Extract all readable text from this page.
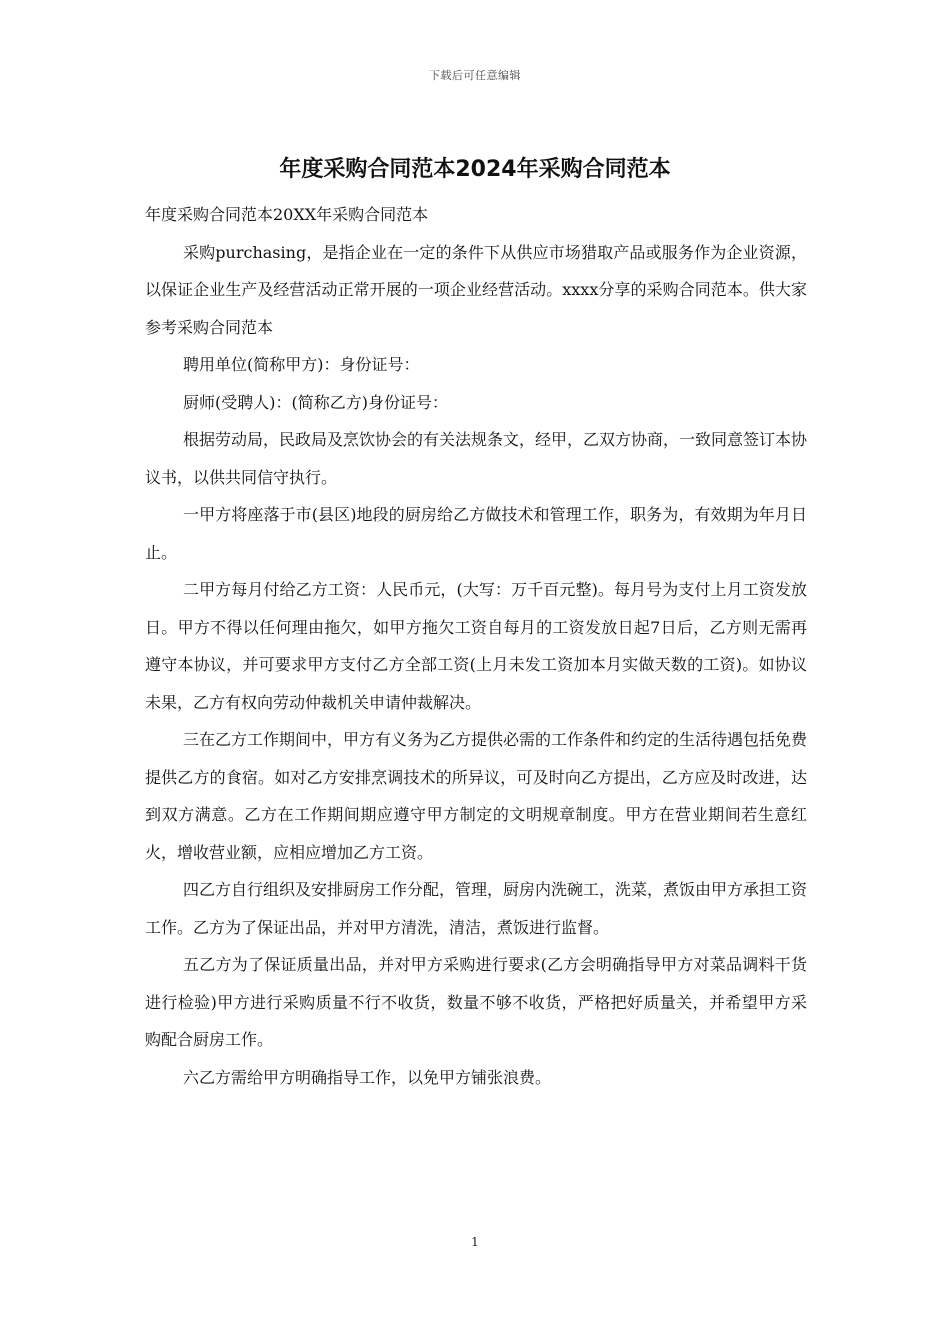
下载后可任意编辑
年度采购合同范本2024年采购合同范本

年度采购合同范本20XX年采购合同范本

采购purchasing，是指企业在一定的条件下从供应市场猎取产品或服务作为企业资源，以保证企业生产及经营活动正常开展的一项企业经营活动。xxxx分享的采购合同范本。供大家参考采购合同范本

聘用单位(简称甲方)：身份证号：

厨师(受聘人)：(简称乙方)身份证号：

根据劳动局，民政局及烹饮协会的有关法规条文，经甲，乙双方协商，一致同意签订本协议书，以供共同信守执行。

一甲方将座落于市(县区)地段的厨房给乙方做技术和管理工作，职务为，有效期为年月日止。

二甲方每月付给乙方工资：人民币元，(大写：万千百元整)。每月号为支付上月工资发放日。甲方不得以任何理由拖欠，如甲方拖欠工资自每月的工资发放日起7日后，乙方则无需再遵守本协议，并可要求甲方支付乙方全部工资(上月未发工资加本月实做天数的工资)。如协议未果，乙方有权向劳动仲裁机关申请仲裁解决。

三在乙方工作期间中，甲方有义务为乙方提供必需的工作条件和约定的生活待遇包括免费提供乙方的食宿。如对乙方安排烹调技术的所异议，可及时向乙方提出，乙方应及时改进，达到双方满意。乙方在工作期间期应遵守甲方制定的文明规章制度。甲方在营业期间若生意红火，增收营业额，应相应增加乙方工资。

四乙方自行组织及安排厨房工作分配，管理，厨房内洗碗工，洗菜，煮饭由甲方承担工资工作。乙方为了保证出品，并对甲方清洗，清洁，煮饭进行监督。

五乙方为了保证质量出品，并对甲方采购进行要求(乙方会明确指导甲方对菜品调料干货进行检验)甲方进行采购质量不行不收货，数量不够不收货，严格把好质量关，并希望甲方采购配合厨房工作。

六乙方需给甲方明确指导工作，以免甲方铺张浪费。

1
